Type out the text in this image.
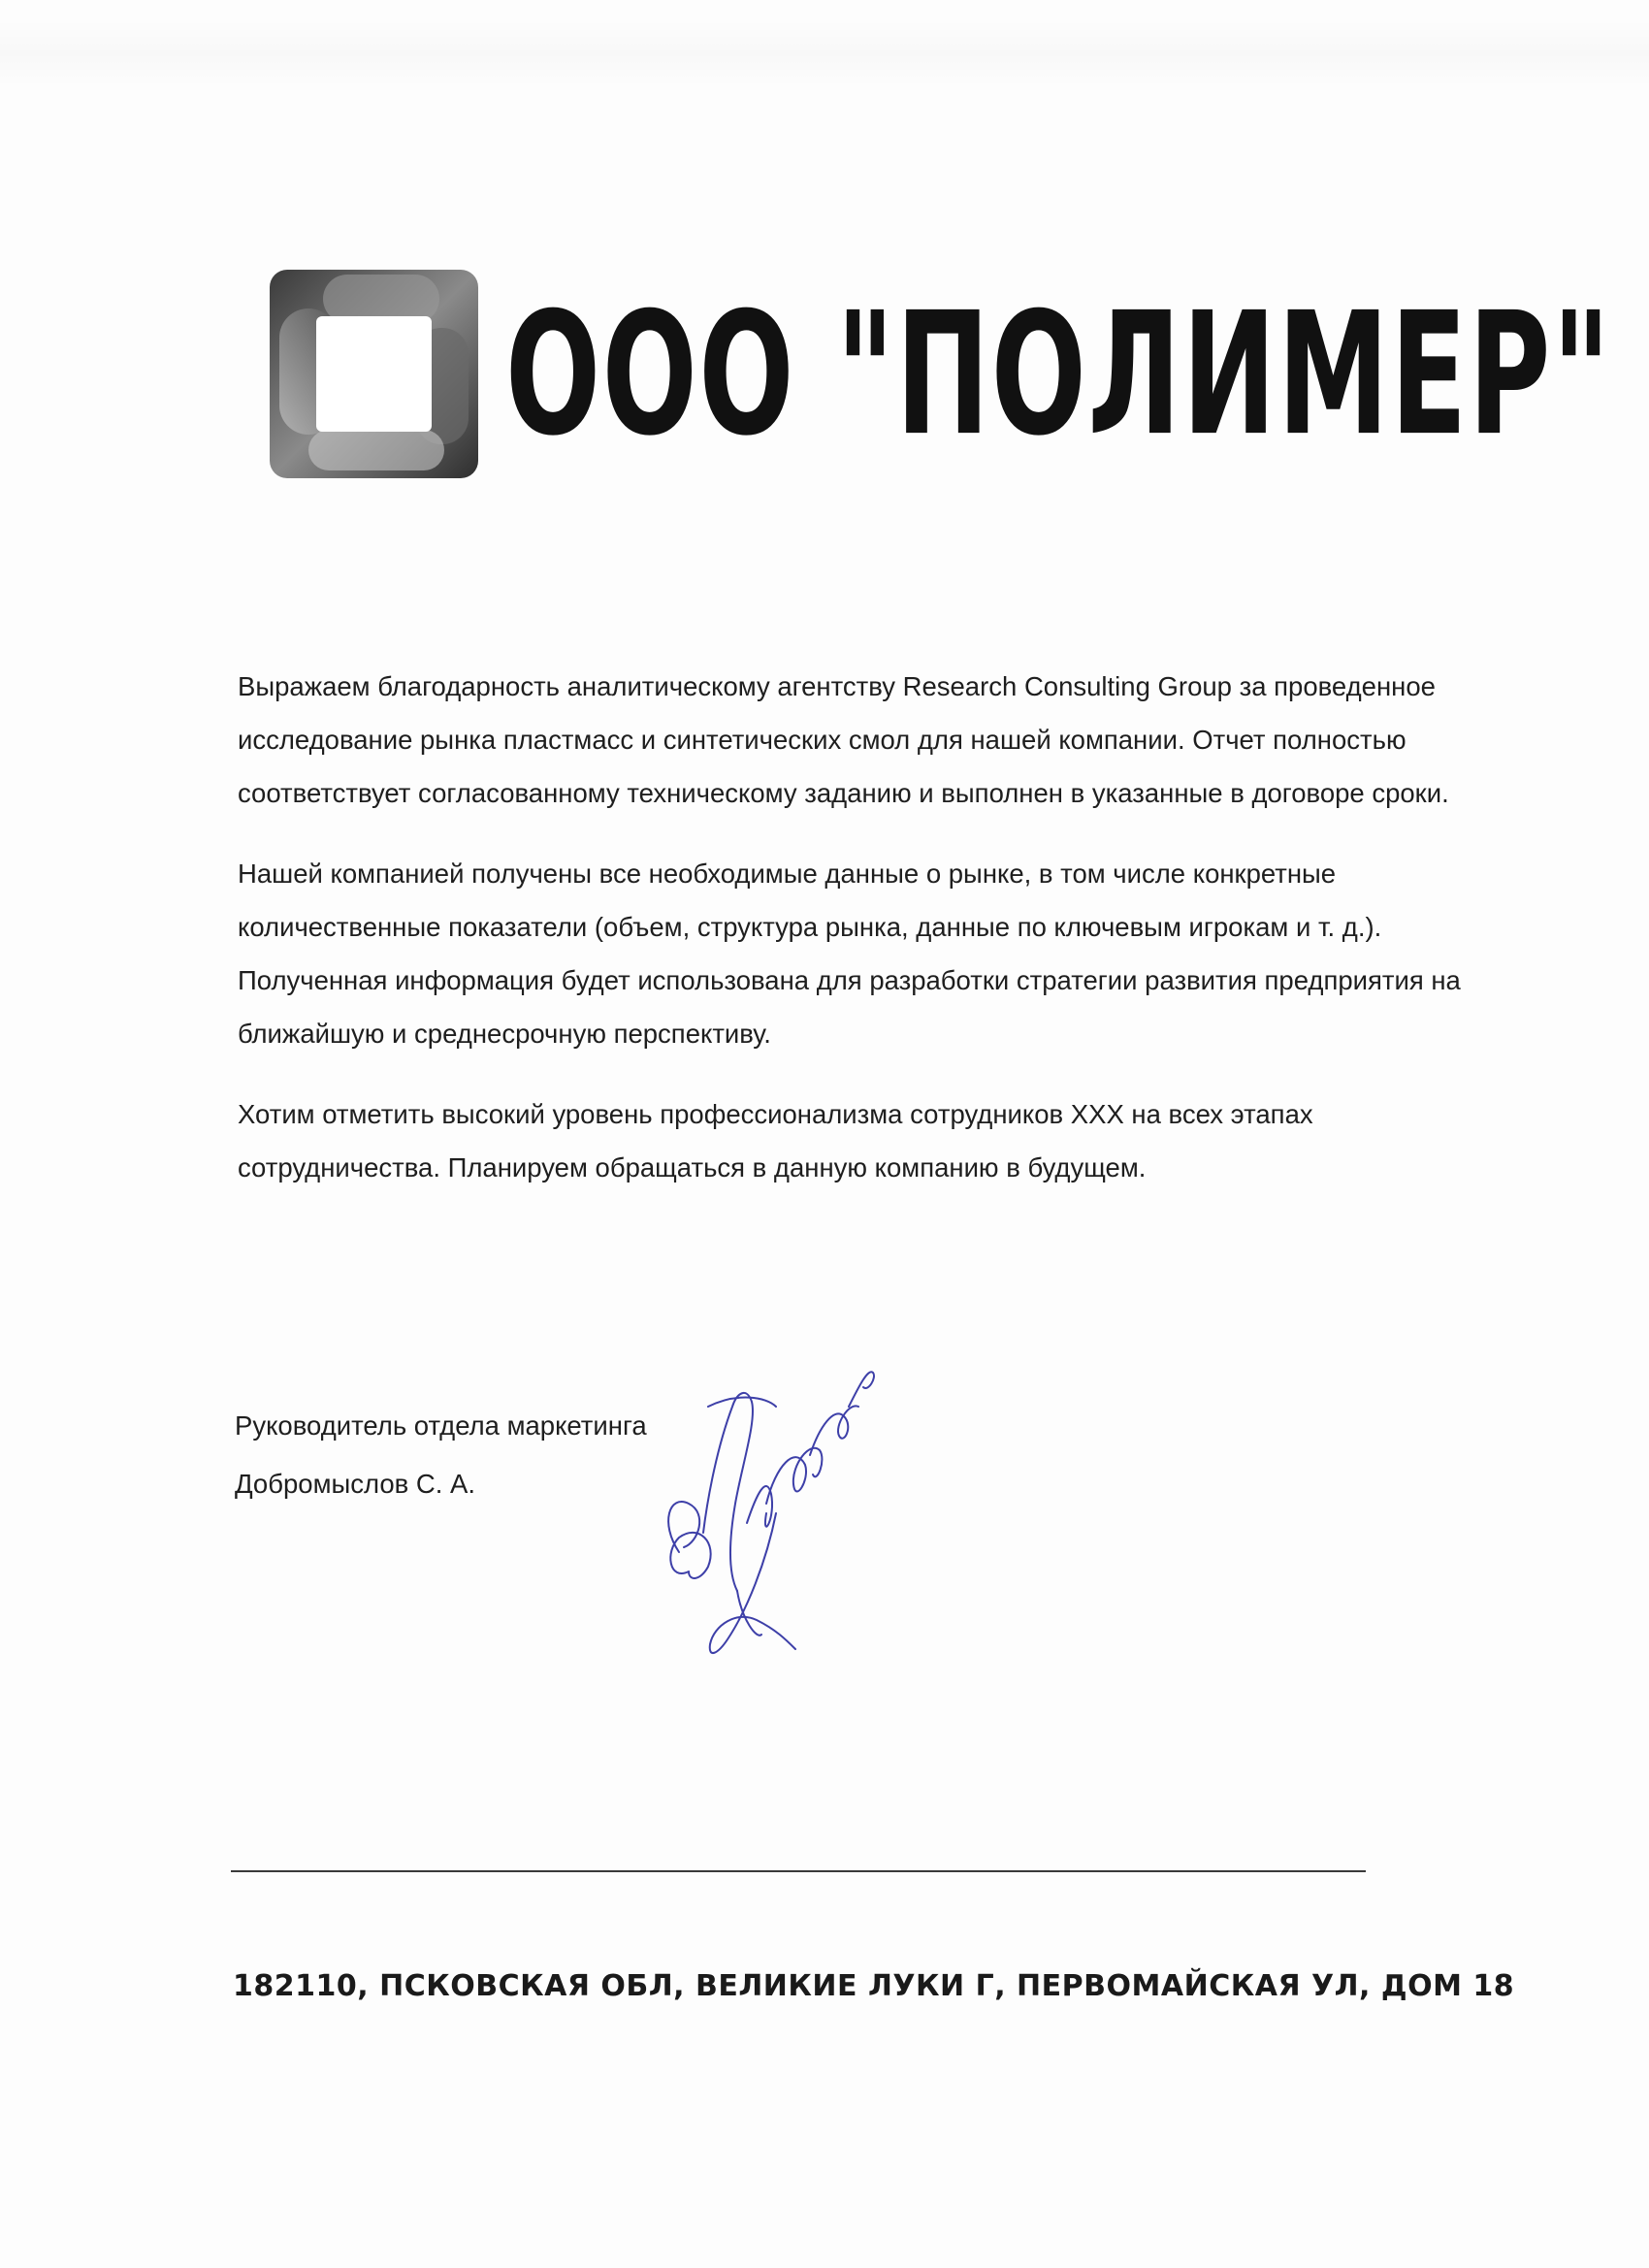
ООО "ПОЛИМЕР"

Выражаем благодарность аналитическому агентству Research Consulting Group за проведенное исследование рынка пластмасс и синтетических смол для нашей компании. Отчет полностью соответствует согласованному техническому заданию и выполнен в указанные в договоре сроки.

Нашей компанией получены все необходимые данные о рынке, в том числе конкретные количественные показатели (объем, структура рынка, данные по ключевым игрокам и т. д.). Полученная информация будет использована для разработки стратегии развития предприятия на ближайшую и среднесрочную перспективу.

Хотим отметить высокий уровень профессионализма сотрудников XXX на всех этапах сотрудничества. Планируем обращаться в данную компанию в будущем.

Руководитель отдела маркетинга
Добромыслов С. А.
182110, ПСКОВСКАЯ ОБЛ, ВЕЛИКИЕ ЛУКИ Г, ПЕРВОМАЙСКАЯ УЛ, ДОМ 18
